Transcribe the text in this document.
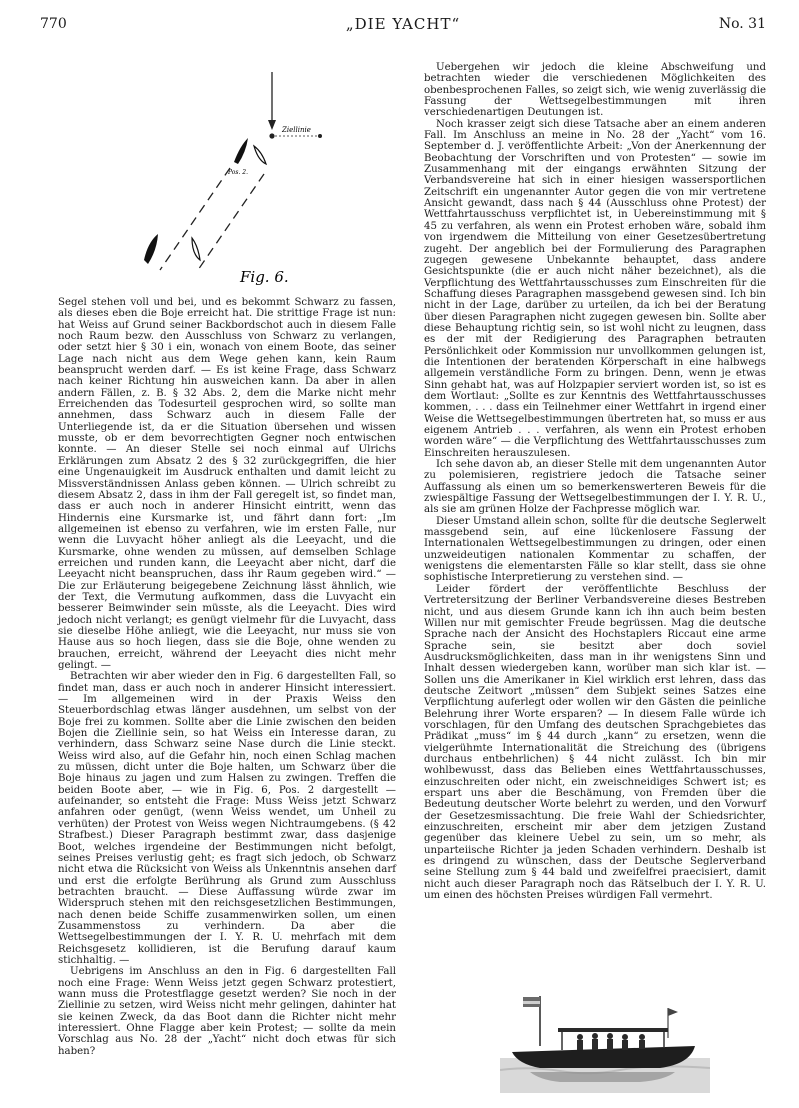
770	„DIE YACHT“	No. 31
Ziellinie
Pos. 2.
Fig. 6.

Segel stehen voll und bei, und es bekommt Schwarz zu fassen, als dieses eben die Boje erreicht hat. Die strittige Frage ist nun: hat Weiss auf Grund seiner Backbordschot auch in diesem Falle noch Raum bezw. den Ausschluss von Schwarz zu verlangen, oder setzt hier § 30 i ein, wonach von einem Boote, das seiner Lage nach nicht aus dem Wege gehen kann, kein Raum beansprucht werden darf. — Es ist keine Frage, dass Schwarz nach keiner Richtung hin ausweichen kann. Da aber in allen andern Fällen, z. B. § 32 Abs. 2, dem die Marke nicht mehr Erreichenden das Todesurteil gesprochen wird, so sollte man annehmen, dass Schwarz auch in diesem Falle der Unterliegende ist, da er die Situation übersehen und wissen musste, ob er dem bevorrechtigten Gegner noch entwischen konnte. — An dieser Stelle sei noch einmal auf Ulrichs Erklärungen zum Absatz 2 des § 32 zurückgegriffen, die hier eine Ungenauigkeit im Ausdruck enthalten und damit leicht zu Missverständnissen Anlass geben können. — Ulrich schreibt zu diesem Absatz 2, dass in ihm der Fall geregelt ist, so findet man, dass er auch noch in anderer Hinsicht eintritt, wenn das Hindernis eine Kursmarke ist, und fährt dann fort: „Im allgemeinen ist ebenso zu verfahren, wie im ersten Falle, nur wenn die Luvyacht höher anliegt als die Leeyacht, und die Kursmarke, ohne wenden zu müssen, auf demselben Schlage erreichen und runden kann, die Leeyacht aber nicht, darf die Leeyacht nicht beanspruchen, dass ihr Raum gegeben wird.“ — Die zur Erläuterung beigegebene Zeichnung lässt ähnlich, wie der Text, die Vermutung aufkommen, dass die Luvyacht ein besserer Beimwinder sein müsste, als die Leeyacht. Dies wird jedoch nicht verlangt; es genügt vielmehr für die Luvyacht, dass sie dieselbe Höhe anliegt, wie die Leeyacht, nur muss sie von Hause aus so hoch liegen, dass sie die Boje, ohne wenden zu brauchen, erreicht, während der Leeyacht dies nicht mehr gelingt. —

Betrachten wir aber wieder den in Fig. 6 dargestellten Fall, so findet man, dass er auch noch in anderer Hinsicht interessiert. — Im allgemeinen wird in der Praxis Weiss den Steuerbordschlag etwas länger ausdehnen, um selbst von der Boje frei zu kommen. Sollte aber die Linie zwischen den beiden Bojen die Ziellinie sein, so hat Weiss ein Interesse daran, zu verhindern, dass Schwarz seine Nase durch die Linie steckt. Weiss wird also, auf die Gefahr hin, noch einen Schlag machen zu müssen, dicht unter die Boje halten, um Schwarz über die Boje hinaus zu jagen und zum Halsen zu zwingen. Treffen die beiden Boote aber, — wie in Fig. 6, Pos. 2 dargestellt — aufeinander, so entsteht die Frage: Muss Weiss jetzt Schwarz anfahren oder genügt, (wenn Weiss wendet, um Unheil zu verhüten) der Protest von Weiss wegen Nichtraumgebens. (§ 42 Strafbest.) Dieser Paragraph bestimmt zwar, dass dasjenige Boot, welches irgendeine der Bestimmungen nicht befolgt, seines Preises verlustig geht; es fragt sich jedoch, ob Schwarz nicht etwa die Rücksicht von Weiss als Unkenntnis ansehen darf und erst die erfolgte Berührung als Grund zum Ausschluss betrachten braucht. — Diese Auffassung würde zwar im Widerspruch stehen mit den reichsgesetzlichen Bestimmungen, nach denen beide Schiffe zusammenwirken sollen, um einen Zusammenstoss zu verhindern. Da aber die Wettsegelbestimmungen der I. Y. R. U. mehrfach mit dem Reichsgesetz kollidieren, ist die Berufung darauf kaum stichhaltig. —

Uebrigens im Anschluss an den in Fig. 6 dargestellten Fall noch eine Frage: Wenn Weiss jetzt gegen Schwarz protestiert, wann muss die Protestflagge gesetzt werden? Sie noch in der Ziellinie zu setzen, wird Weiss nicht mehr gelingen, dahinter hat sie keinen Zweck, da das Boot dann die Richter nicht mehr interessiert. Ohne Flagge aber kein Protest; — sollte da mein Vorschlag aus No. 28 der „Yacht“ nicht doch etwas für sich haben?

Uebergehen wir jedoch die kleine Abschweifung und betrachten wieder die verschiedenen Möglichkeiten des obenbesprochenen Falles, so zeigt sich, wie wenig zuverlässig die Fassung der Wettsegelbestimmungen mit ihren verschiedenartigen Deutungen ist.

Noch krasser zeigt sich diese Tatsache aber an einem anderen Fall. Im Anschluss an meine in No. 28 der „Yacht“ vom 16. September d. J. veröffentlichte Arbeit: „Von der Anerkennung der Beobachtung der Vorschriften und von Protesten“ — sowie im Zusammenhang mit der eingangs erwähnten Sitzung der Verbandsvereine hat sich in einer hiesigen wassersportlichen Zeitschrift ein ungenannter Autor gegen die von mir vertretene Ansicht gewandt, dass nach § 44 (Ausschluss ohne Protest) der Wettfahrtausschuss verpflichtet ist, in Uebereinstimmung mit § 45 zu verfahren, als wenn ein Protest erhoben wäre, sobald ihm von irgendwem die Mitteilung von einer Gesetzesübertretung zugeht. Der angeblich bei der Formulierung des Paragraphen zugegen gewesene Unbekannte behauptet, dass andere Gesichtspunkte (die er auch nicht näher bezeichnet), als die Verpflichtung des Wettfahrtausschusses zum Einschreiten für die Schaffung dieses Paragraphen massgebend gewesen sind. Ich bin nicht in der Lage, darüber zu urteilen, da ich bei der Beratung über diesen Paragraphen nicht zugegen gewesen bin. Sollte aber diese Behauptung richtig sein, so ist wohl nicht zu leugnen, dass es der mit der Redigierung des Paragraphen betrauten Persönlichkeit oder Kommission nur unvollkommen gelungen ist, die Intentionen der beratenden Körperschaft in eine halbwegs allgemein verständliche Form zu bringen. Denn, wenn je etwas Sinn gehabt hat, was auf Holzpapier serviert worden ist, so ist es dem Wortlaut: „Sollte es zur Kenntnis des Wettfahrtausschusses kommen, . . . dass ein Teilnehmer einer Wettfahrt in irgend einer Weise die Wettsegelbestimmungen übertreten hat, so muss er aus eigenem Antrieb . . . verfahren, als wenn ein Protest erhoben worden wäre“ — die Verpflichtung des Wettfahrtausschusses zum Einschreiten herauszulesen.

Ich sehe davon ab, an dieser Stelle mit dem ungenannten Autor zu polemisieren, registriere jedoch die Tatsache seiner Auffassung als einen um so bemerkenswerteren Beweis für die zwiespältige Fassung der Wettsegelbestimmungen der I. Y. R. U., als sie am grünen Holze der Fachpresse möglich war.

Dieser Umstand allein schon, sollte für die deutsche Seglerwelt massgebend sein, auf eine lückenlosere Fassung der Internationalen Wettsegelbestimmungen zu dringen, oder einen unzweideutigen nationalen Kommentar zu schaffen, der wenigstens die elementarsten Fälle so klar stellt, dass sie ohne sophistische Interpretierung zu verstehen sind. —

Leider fördert der veröffentlichte Beschluss der Vertretersitzung der Berliner Verbandsvereine dieses Bestreben nicht, und aus diesem Grunde kann ich ihn auch beim besten Willen nur mit gemischter Freude begrüssen. Mag die deutsche Sprache nach der Ansicht des Hochstaplers Riccaut eine arme Sprache sein, sie besitzt aber doch soviel Ausdrucksmöglichkeiten, dass man in ihr wenigstens Sinn und Inhalt dessen wiedergeben kann, worüber man sich klar ist. — Sollen uns die Amerikaner in Kiel wirklich erst lehren, dass das deutsche Zeitwort „müssen“ dem Subjekt seines Satzes eine Verpflichtung auferlegt oder wollen wir den Gästen die peinliche Belehrung ihrer Worte ersparen? — In diesem Falle würde ich vorschlagen, für den Umfang des deutschen Sprachgebietes das Prädikat „muss“ im § 44 durch „kann“ zu ersetzen, wenn die vielgerühmte Internationalität die Streichung des (übrigens durchaus entbehrlichen) § 44 nicht zulässt. Ich bin mir wohlbewusst, dass das Belieben eines Wettfahrtausschusses, einzuschreiten oder nicht, ein zweischneidiges Schwert ist; es erspart uns aber die Beschämung, von Fremden über die Bedeutung deutscher Worte belehrt zu werden, und den Vorwurf der Gesetzesmissachtung. Die freie Wahl der Schiedsrichter, einzuschreiten, erscheint mir aber dem jetzigen Zustand gegenüber das kleinere Uebel zu sein, um so mehr, als unparteiische Richter ja jeden Schaden verhindern. Deshalb ist es dringend zu wünschen, dass der Deutsche Seglerverband seine Stellung zum § 44 bald und zweifelfrei praecisiert, damit nicht auch dieser Paragraph noch das Rätselbuch der I. Y. R. U. um einen des höchsten Preises würdigen Fall vermehrt.
